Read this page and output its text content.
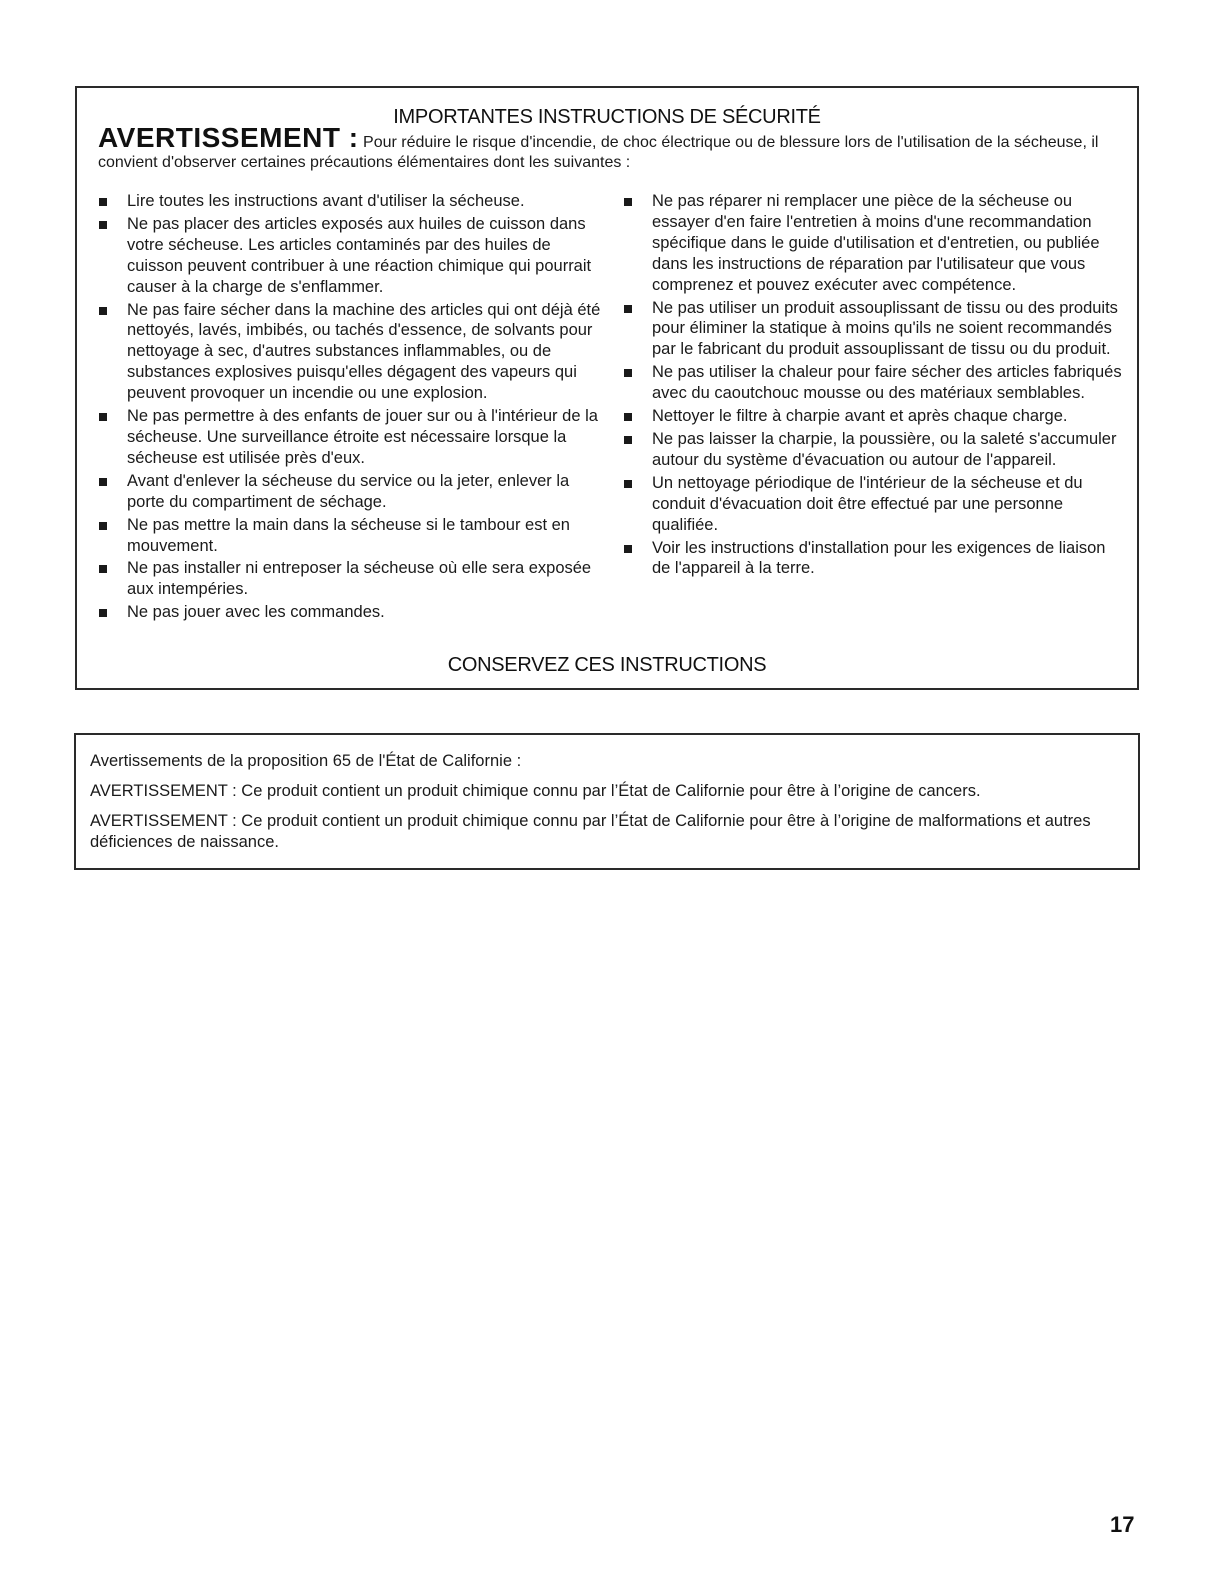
IMPORTANTES INSTRUCTIONS DE SÉCURITÉ
AVERTISSEMENT : Pour réduire le risque d'incendie, de choc électrique ou de blessure lors de l'utilisation de la sécheuse, il convient d'observer certaines précautions élémentaires dont les suivantes :
Lire toutes les instructions avant d'utiliser la sécheuse.
Ne pas placer des articles exposés aux huiles de cuisson dans votre sécheuse. Les articles contaminés par des huiles de cuisson peuvent contribuer à une réaction chimique qui pourrait causer à la charge de s'enflammer.
Ne pas faire sécher dans la machine des articles qui ont déjà été nettoyés, lavés, imbibés, ou tachés d'essence, de solvants pour nettoyage à sec, d'autres substances inflammables, ou de substances explosives puisqu'elles dégagent des vapeurs qui peuvent provoquer un incendie ou une explosion.
Ne pas permettre à des enfants de jouer sur ou à l'intérieur de la sécheuse. Une surveillance étroite est nécessaire lorsque la sécheuse est utilisée près d'eux.
Avant d'enlever la sécheuse du service ou la jeter, enlever la porte du compartiment de séchage.
Ne pas mettre la main dans la sécheuse si le tambour est en mouvement.
Ne pas installer ni entreposer la sécheuse où elle sera exposée aux intempéries.
Ne pas jouer avec les commandes.
Ne pas réparer ni remplacer une pièce de la sécheuse ou essayer d'en faire l'entretien à moins d'une recommandation spécifique dans le guide d'utilisation et d'entretien, ou publiée dans les instructions de réparation par l'utilisateur que vous comprenez et pouvez exécuter avec compétence.
Ne pas utiliser un produit assouplissant de tissu ou des produits pour éliminer la statique à moins qu'ils ne soient recommandés par le fabricant du produit assouplissant de tissu ou du produit.
Ne pas utiliser la chaleur pour faire sécher des articles fabriqués avec du caoutchouc mousse ou des matériaux semblables.
Nettoyer le filtre à charpie avant et après chaque charge.
Ne pas laisser la charpie, la poussière, ou la saleté s'accumuler autour du système d'évacuation ou autour de l'appareil.
Un nettoyage périodique de l'intérieur de la sécheuse et du conduit d'évacuation doit être effectué par une personne qualifiée.
Voir les instructions d'installation pour les exigences de liaison de l'appareil à la terre.
CONSERVEZ CES INSTRUCTIONS

Avertissements de la proposition 65 de l'État de Californie :

AVERTISSEMENT : Ce produit contient un produit chimique connu par l’État de Californie pour être à l’origine de cancers.

AVERTISSEMENT : Ce produit contient un produit chimique connu par l’État de Californie pour être à l’origine de malformations et autres déficiences de naissance.

17
